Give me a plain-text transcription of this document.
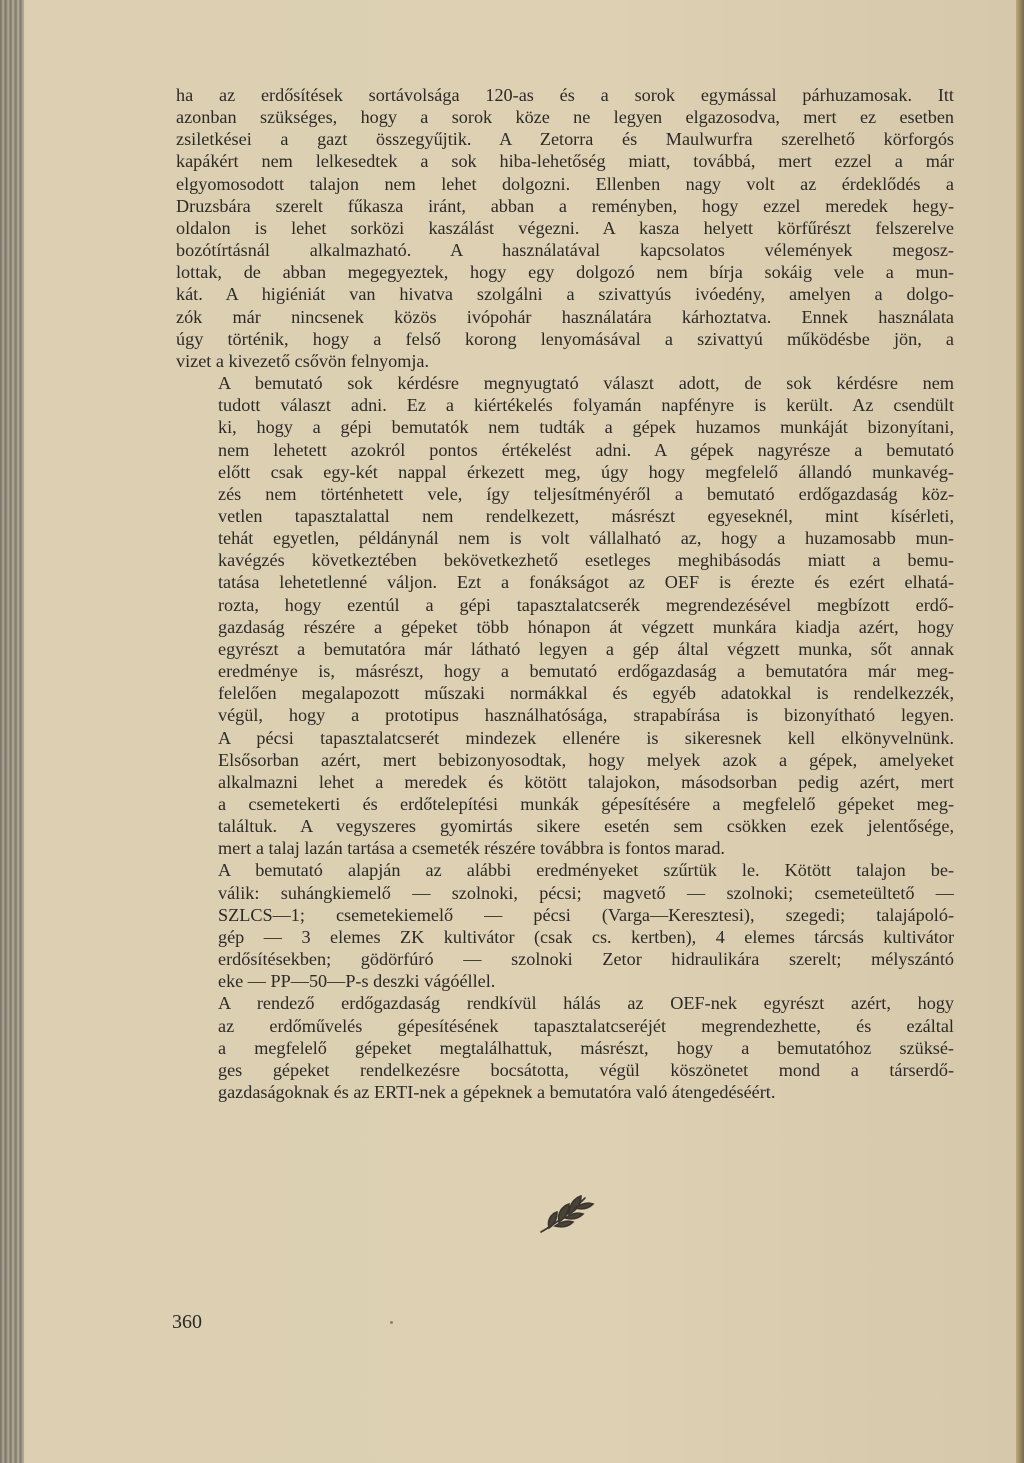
ha az erdősítések sortávolsága 120-as és a sorok egymással párhuzamosak. Itt
azonban szükséges, hogy a sorok köze ne legyen elgazosodva, mert ez esetben
zsiletkései a gazt összegyűjtik. A Zetorra és Maulwurfra szerelhető körforgós
kapákért nem lelkesedtek a sok hiba-lehetőség miatt, továbbá, mert ezzel a már
elgyomosodott talajon nem lehet dolgozni. Ellenben nagy volt az érdeklődés a
Druzsbára szerelt fűkasza iránt, abban a reményben, hogy ezzel meredek hegy-
oldalon is lehet sorközi kaszálást végezni. A kasza helyett körfűrészt felszerelve
bozótírtásnál alkalmazható. A használatával kapcsolatos vélemények megosz-
lottak, de abban megegyeztek, hogy egy dolgozó nem bírja sokáig vele a mun-
kát. A higiéniát van hivatva szolgálni a szivattyús ivóedény, amelyen a dolgo-
zók már nincsenek közös ivópohár használatára kárhoztatva. Ennek használata
úgy történik, hogy a felső korong lenyomásával a szivattyú működésbe jön, a
vizet a kivezető csővön felnyomja.
A bemutató sok kérdésre megnyugtató választ adott, de sok kérdésre nem
tudott választ adni. Ez a kiértékelés folyamán napfényre is került. Az csendült
ki, hogy a gépi bemutatók nem tudták a gépek huzamos munkáját bizonyítani,
nem lehetett azokról pontos értékelést adni. A gépek nagyrésze a bemutató
előtt csak egy-két nappal érkezett meg, úgy hogy megfelelő állandó munkavég-
zés nem történhetett vele, így teljesítményéről a bemutató erdőgazdaság köz-
vetlen tapasztalattal nem rendelkezett, másrészt egyeseknél, mint kísérleti,
tehát egyetlen, példánynál nem is volt vállalható az, hogy a huzamosabb mun-
kavégzés következtében bekövetkezhető esetleges meghibásodás miatt a bemu-
tatása lehetetlenné váljon. Ezt a fonákságot az OEF is érezte és ezért elhatá-
rozta, hogy ezentúl a gépi tapasztalatcserék megrendezésével megbízott erdő-
gazdaság részére a gépeket több hónapon át végzett munkára kiadja azért, hogy
egyrészt a bemutatóra már látható legyen a gép által végzett munka, sőt annak
eredménye is, másrészt, hogy a bemutató erdőgazdaság a bemutatóra már meg-
felelően megalapozott műszaki normákkal és egyéb adatokkal is rendelkezzék,
végül, hogy a prototipus használhatósága, strapabírása is bizonyítható legyen.
A pécsi tapasztalatcserét mindezek ellenére is sikeresnek kell elkönyvelnünk.
Elsősorban azért, mert bebizonyosodtak, hogy melyek azok a gépek, amelyeket
alkalmazni lehet a meredek és kötött talajokon, másodsorban pedig azért, mert
a csemetekerti és erdőtelepítési munkák gépesítésére a megfelelő gépeket meg-
találtuk. A vegyszeres gyomirtás sikere esetén sem csökken ezek jelentősége,
mert a talaj lazán tartása a csemeték részére továbbra is fontos marad.
A bemutató alapján az alábbi eredményeket szűrtük le. Kötött talajon be-
válik: suhángkiemelő — szolnoki, pécsi; magvető — szolnoki; csemeteültető —
SZLCS—1; csemetekiemelő — pécsi (Varga—Keresztesi), szegedi; talajápoló-
gép — 3 elemes ZK kultivátor (csak cs. kertben), 4 elemes tárcsás kultivátor
erdősítésekben; gödörfúró — szolnoki Zetor hidraulikára szerelt; mélyszántó
eke — PP—50—P-s deszki vágóéllel.
A rendező erdőgazdaság rendkívül hálás az OEF-nek egyrészt azért, hogy
az erdőművelés gépesítésének tapasztalatcseréjét megrendezhette, és ezáltal
a megfelelő gépeket megtalálhattuk, másrészt, hogy a bemutatóhoz szüksé-
ges gépeket rendelkezésre bocsátotta, végül köszönetet mond a társerdő-
gazdaságoknak és az ERTI-nek a gépeknek a bemutatóra való átengedéséért.
360
